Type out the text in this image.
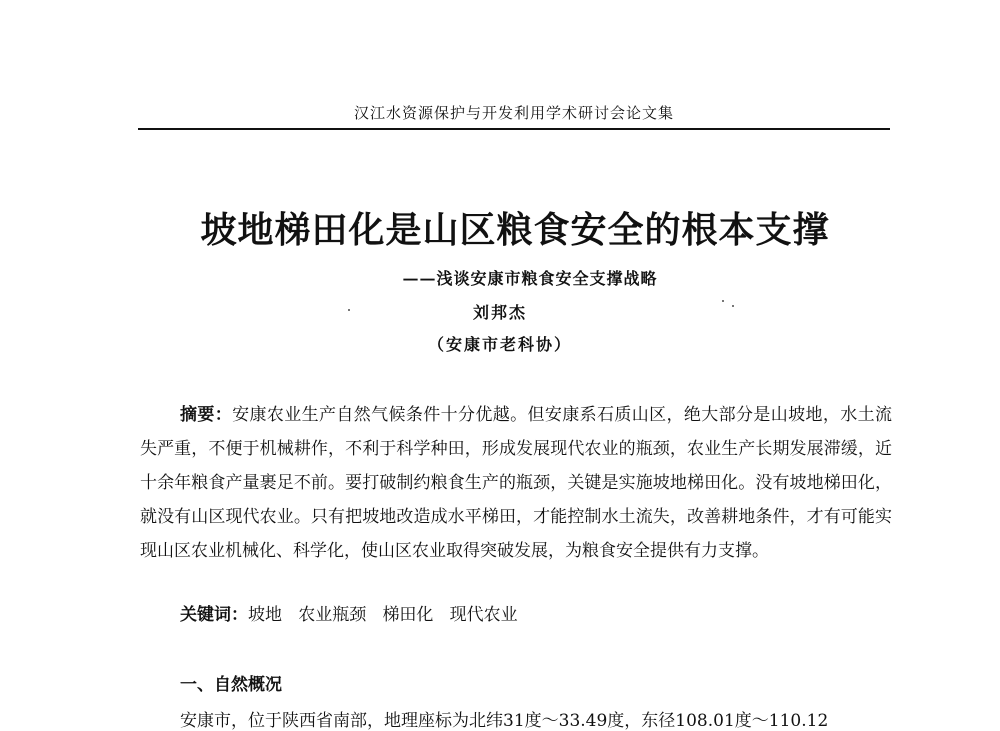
汉江水资源保护与开发利用学术研讨会论文集
坡地梯田化是山区粮食安全的根本支撑
——浅谈安康市粮食安全支撑战略
刘邦杰
（安康市老科协）

摘要：安康农业生产自然气候条件十分优越。但安康系石质山区，绝大部分是山坡地，水土流失严重，不便于机械耕作，不利于科学种田，形成发展现代农业的瓶颈，农业生产长期发展滞缓，近十余年粮食产量裹足不前。要打破制约粮食生产的瓶颈，关键是实施坡地梯田化。没有坡地梯田化，就没有山区现代农业。只有把坡地改造成水平梯田，才能控制水土流失，改善耕地条件，才有可能实现山区农业机械化、科学化，使山区农业取得突破发展，为粮食安全提供有力支撑。

关键词：坡地 农业瓶颈 梯田化 现代农业
一、自然概况
安康市，位于陕西省南部，地理座标为北纬31度～33.49度，东径108.01度～110.12
